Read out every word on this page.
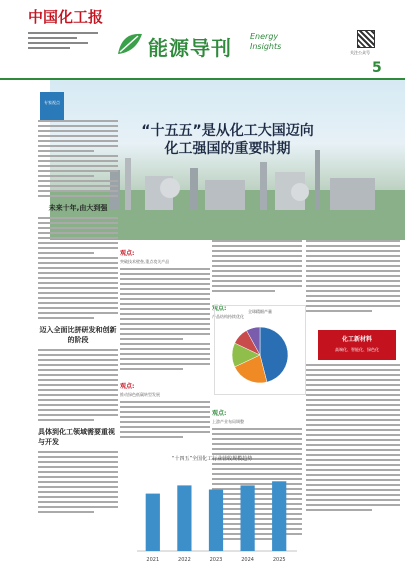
中国化工报
能源导刊 Energy
Insights
关注公众号
5
“十五五”是从化工大国迈向
化工强国的重要时期
专家视点
未来十年,由大到强
迈入全面比拼研发和创新的阶段
具体到化工领域需要重视与开发
观点:
突破技术壁垒,重点攻关产品
观点:
推动绿色低碳转型发展
观点:
产品结构持续优化
化工新材料
高端化、智能化、绿色化
观点:
上游产业布局调整
全球精细产量
“十四五”全国化工行业营收规模趋势
2021	2022	2023	2024	2025
